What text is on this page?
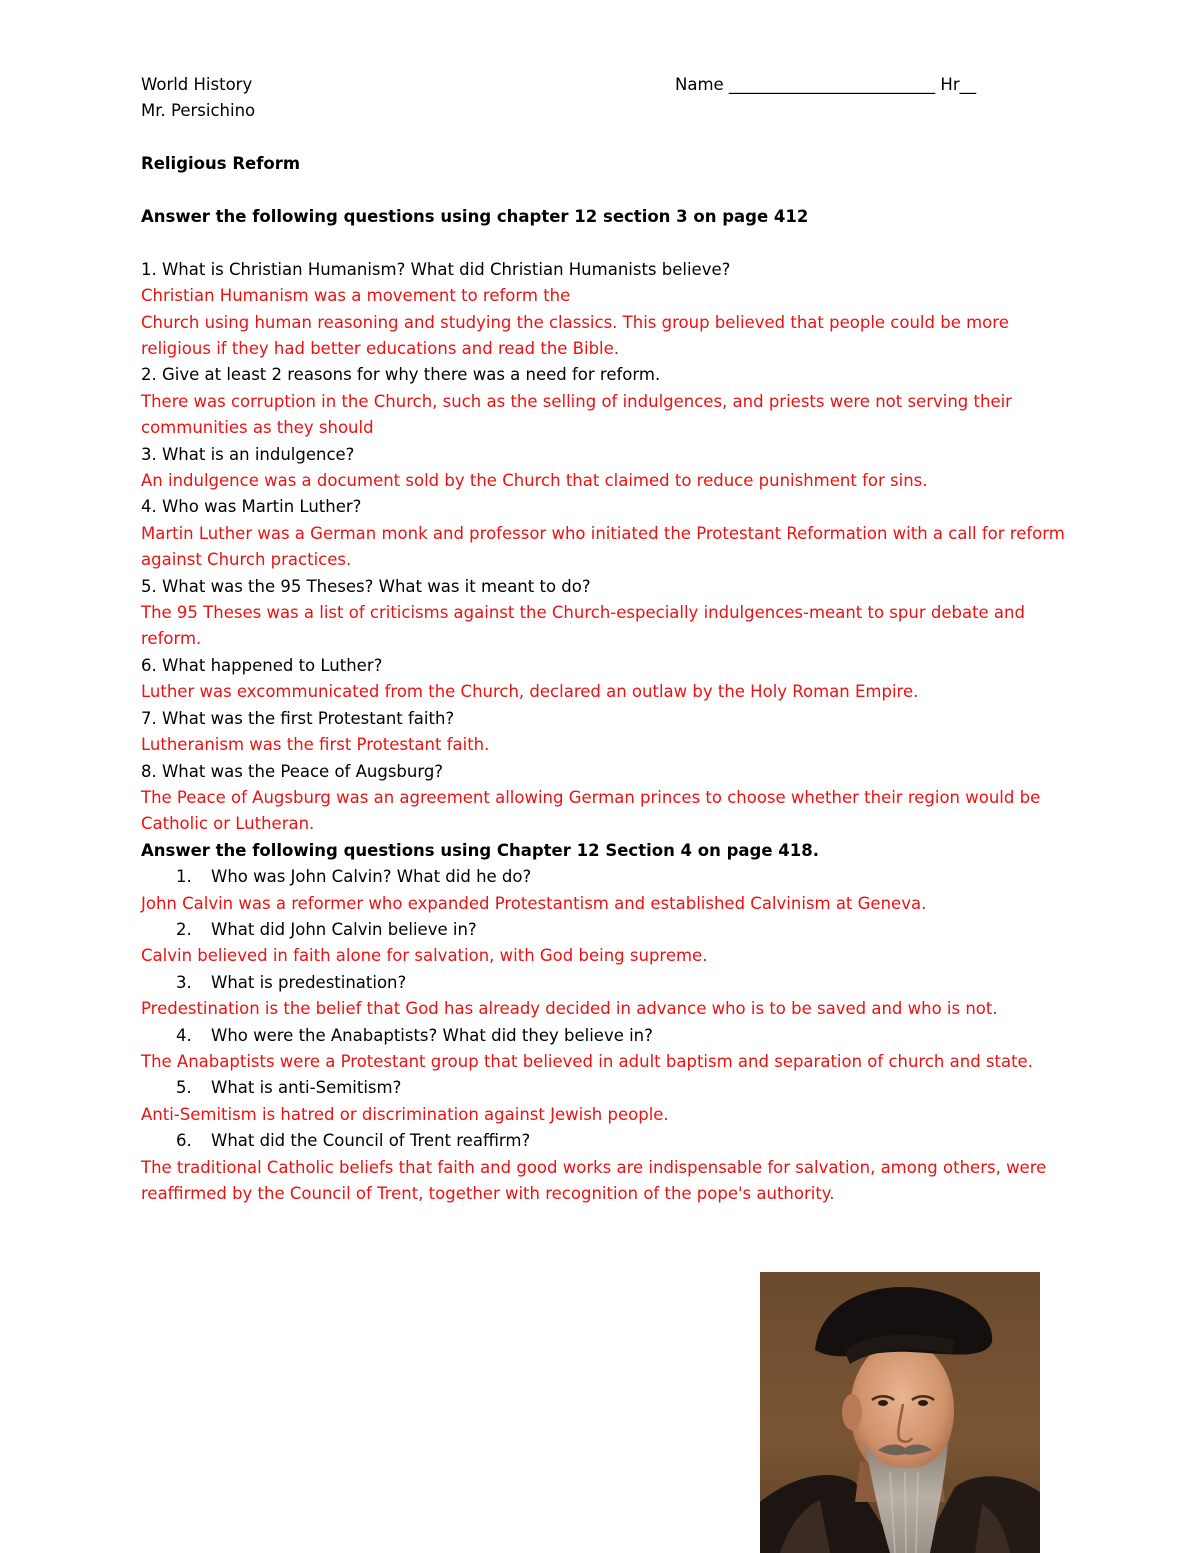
World History	Name _________________________ Hr__
Mr. Persichino
Religious Reform
Answer the following questions using chapter 12 section 3 on page 412
1. What is Christian Humanism? What did Christian Humanists believe?
Christian Humanism was a movement to reform the
Church using human reasoning and studying the classics. This group believed that people could be more religious if they had better educations and read the Bible.
2. Give at least 2 reasons for why there was a need for reform.
There was corruption in the Church, such as the selling of indulgences, and priests were not serving their communities as they should
3. What is an indulgence?
An indulgence was a document sold by the Church that claimed to reduce punishment for sins.
4. Who was Martin Luther?
Martin Luther was a German monk and professor who initiated the Protestant Reformation with a call for reform against Church practices.
5. What was the 95 Theses? What was it meant to do?
The 95 Theses was a list of criticisms against the Church-especially indulgences-meant to spur debate and reform.
6. What happened to Luther?
Luther was excommunicated from the Church, declared an outlaw by the Holy Roman Empire.
7. What was the first Protestant faith?
Lutheranism was the first Protestant faith.
8. What was the Peace of Augsburg?
The Peace of Augsburg was an agreement allowing German princes to choose whether their region would be Catholic or Lutheran.
Answer the following questions using Chapter 12 Section 4 on page 418.
1. Who was John Calvin? What did he do?
John Calvin was a reformer who expanded Protestantism and established Calvinism at Geneva.
2. What did John Calvin believe in?
Calvin believed in faith alone for salvation, with God being supreme.
3. What is predestination?
Predestination is the belief that God has already decided in advance who is to be saved and who is not.
4. Who were the Anabaptists? What did they believe in?
The Anabaptists were a Protestant group that believed in adult baptism and separation of church and state.
5. What is anti-Semitism?
Anti-Semitism is hatred or discrimination against Jewish people.
6. What did the Council of Trent reaffirm?
The traditional Catholic beliefs that faith and good works are indispensable for salvation, among others, were reaffirmed by the Council of Trent, together with recognition of the pope's authority.
